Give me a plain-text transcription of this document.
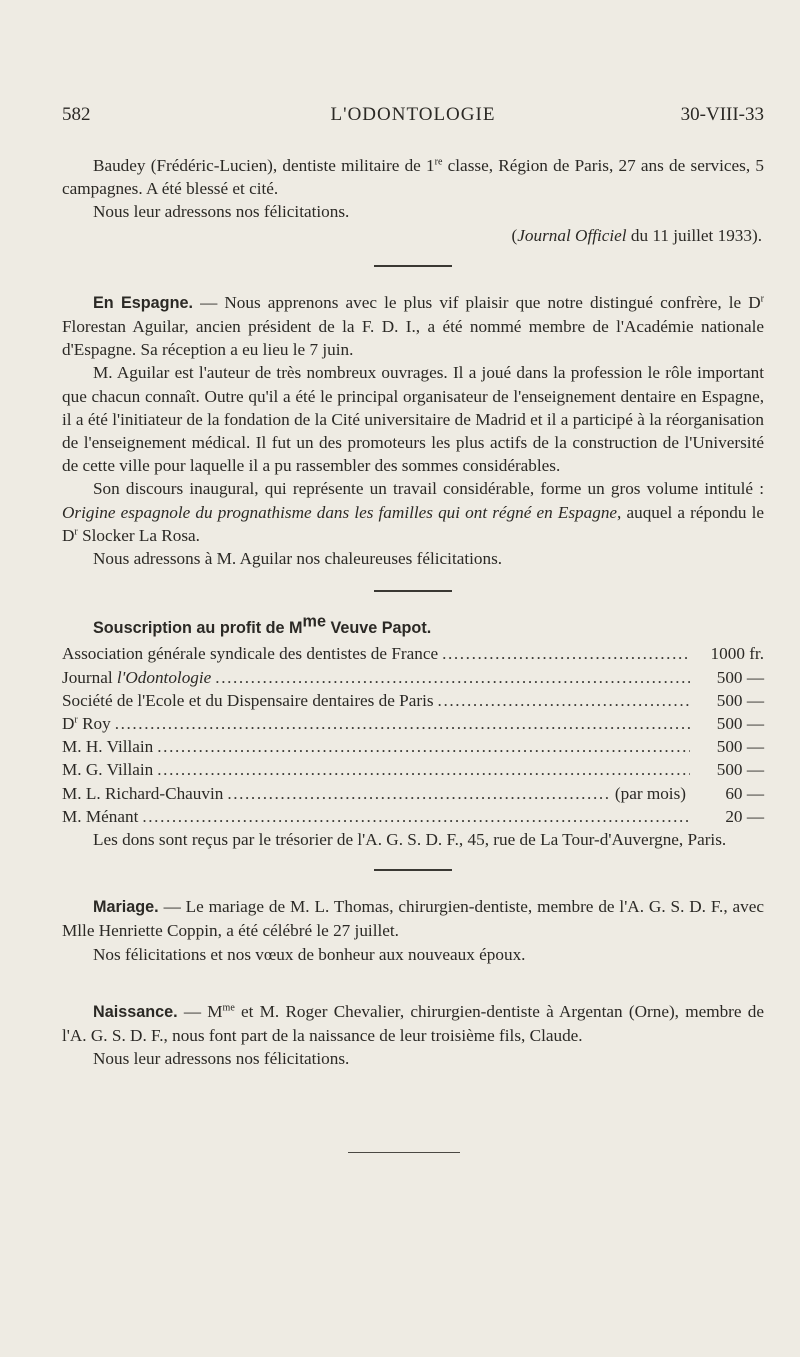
582	L'ODONTOLOGIE	30-VIII-33

Baudey (Frédéric-Lucien), dentiste militaire de 1re classe, Région de Paris, 27 ans de services, 5 campagnes. A été blessé et cité.

Nous leur adressons nos félicitations.

(Journal Officiel du 11 juillet 1933).

En Espagne. — Nous apprenons avec le plus vif plaisir que notre distingué confrère, le $D^r$ Florestan Aguilar, ancien président de la F. D. I., a été nommé membre de l'Académie nationale d'Espagne. Sa réception a eu lieu le 7 juin.

M. Aguilar est l'auteur de très nombreux ouvrages. Il a joué dans la profession le rôle important que chacun connaît. Outre qu'il a été le principal organisateur de l'enseignement dentaire en Espagne, il a été l'initiateur de la fondation de la Cité universitaire de Madrid et il a participé à la réorganisation de l'enseignement médical. Il fut un des promoteurs les plus actifs de la construction de l'Université de cette ville pour laquelle il a pu rassembler des sommes considérables.

Son discours inaugural, qui représente un travail considérable, forme un gros volume intitulé : Origine espagnole du prognathisme dans les familles qui ont régné en Espagne, auquel a répondu le $D^r$ Slocker La Rosa.

Nous adressons à M. Aguilar nos chaleureuses félicitations.

Souscription au profit de $M^{me}$ Veuve Papot.

Association générale syndicale des dentistes de France .....	1000 fr.
Journal l'Odontologie .....	500 —
Société de l'Ecole et du Dispensaire dentaires de Paris .....	500 —
$D^r$ Roy .....	500 —
M. H. Villain .....	500 —
M. G. Villain .....	500 —
M. L. Richard-Chauvin .....	(par mois)	60 —
M. Ménant .....	20 —

Les dons sont reçus par le trésorier de l'A. G. S. D. F., 45, rue de La Tour-d'Auvergne, Paris.

Mariage. — Le mariage de M. L. Thomas, chirurgien-dentiste, membre de l'A. G. S. D. F., avec Mlle Henriette Coppin, a été célébré le 27 juillet.

Nos félicitations et nos vœux de bonheur aux nouveaux époux.

Naissance. — $M^{me}$ et M. Roger Chevalier, chirurgien-dentiste à Argentan (Orne), membre de l'A. G. S. D. F., nous font part de la naissance de leur troisième fils, Claude.

Nous leur adressons nos félicitations.
